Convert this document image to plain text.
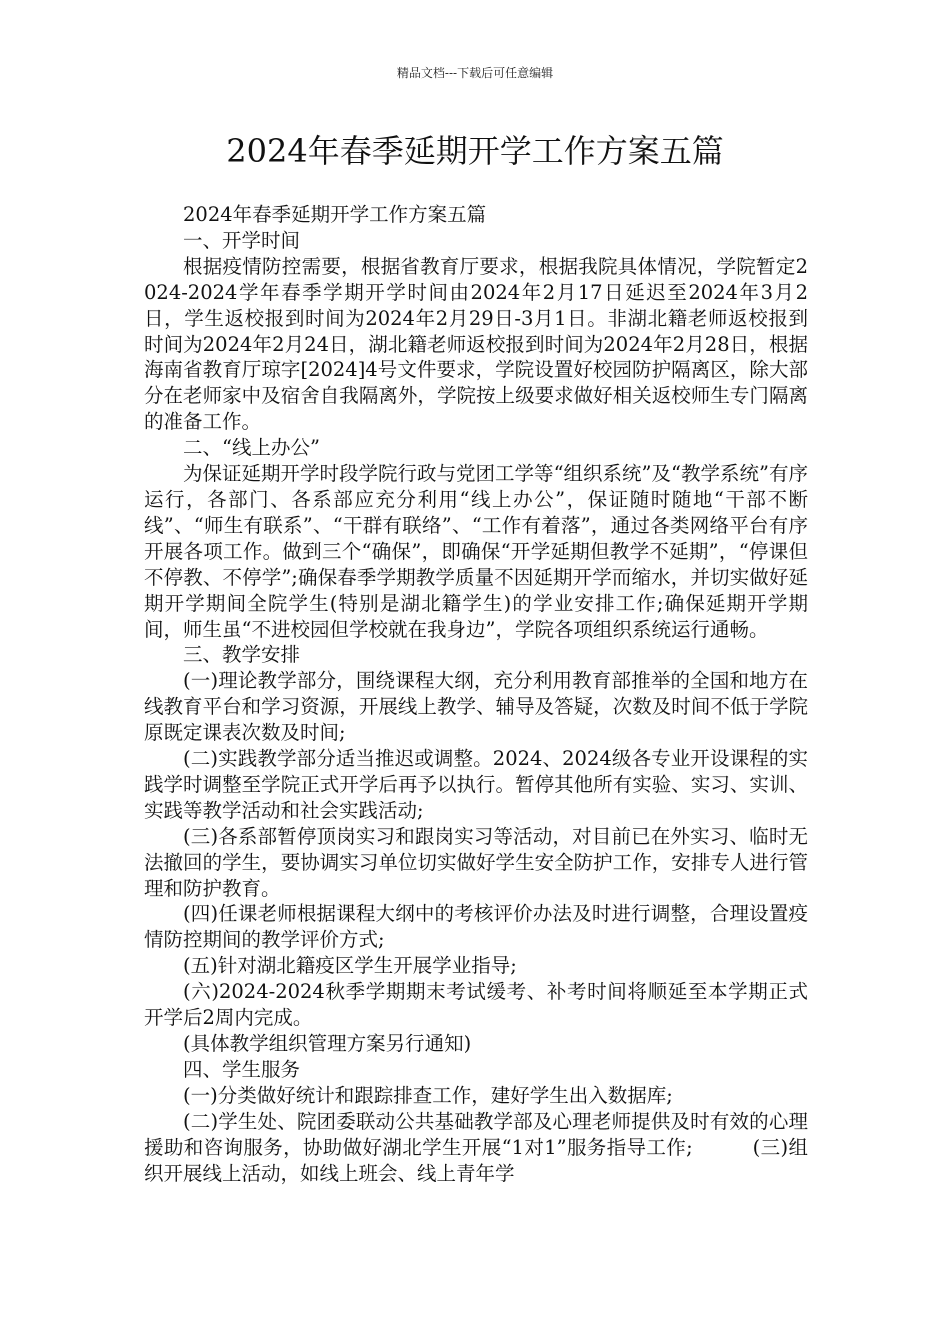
精品文档---下载后可任意编辑
2024年春季延期开学工作方案五篇

2024年春季延期开学工作方案五篇

一、开学时间

根据疫情防控需要，根据省教育厅要求，根据我院具体情况，学院暂定2024-2024学年春季学期开学时间由2024年2月17日延迟至2024年3月2日，学生返校报到时间为2024年2月29日-3月1日。非湖北籍老师返校报到时间为2024年2月24日，湖北籍老师返校报到时间为2024年2月28日，根据海南省教育厅琼字[2024]4号文件要求，学院设置好校园防护隔离区，除大部分在老师家中及宿舍自我隔离外，学院按上级要求做好相关返校师生专门隔离的准备工作。

二、“线上办公”

为保证延期开学时段学院行政与党团工学等“组织系统”及“教学系统”有序运行，各部门、各系部应充分利用“线上办公”，保证随时随地“干部不断线”、“师生有联系”、“干群有联络”、“工作有着落”，通过各类网络平台有序开展各项工作。做到三个“确保”，即确保“开学延期但教学不延期”，“停课但不停教、不停学”;确保春季学期教学质量不因延期开学而缩水，并切实做好延期开学期间全院学生(特别是湖北籍学生)的学业安排工作;确保延期开学期间，师生虽“不进校园但学校就在我身边”，学院各项组织系统运行通畅。

三、教学安排

(一)理论教学部分，围绕课程大纲，充分利用教育部推举的全国和地方在线教育平台和学习资源，开展线上教学、辅导及答疑，次数及时间不低于学院原既定课表次数及时间;

(二)实践教学部分适当推迟或调整。2024、2024级各专业开设课程的实践学时调整至学院正式开学后再予以执行。暂停其他所有实验、实习、实训、实践等教学活动和社会实践活动;

(三)各系部暂停顶岗实习和跟岗实习等活动，对目前已在外实习、临时无法撤回的学生，要协调实习单位切实做好学生安全防护工作，安排专人进行管理和防护教育。

(四)任课老师根据课程大纲中的考核评价办法及时进行调整，合理设置疫情防控期间的教学评价方式;

(五)针对湖北籍疫区学生开展学业指导;

(六)2024-2024秋季学期期末考试缓考、补考时间将顺延至本学期正式开学后2周内完成。

(具体教学组织管理方案另行通知)

四、学生服务

(一)分类做好统计和跟踪排查工作，建好学生出入数据库;

(二)学生处、院团委联动公共基础教学部及心理老师提供及时有效的心理援助和咨询服务，协助做好湖北学生开展“1对1”服务指导工作;　　　(三)组织开展线上活动，如线上班会、线上青年学
